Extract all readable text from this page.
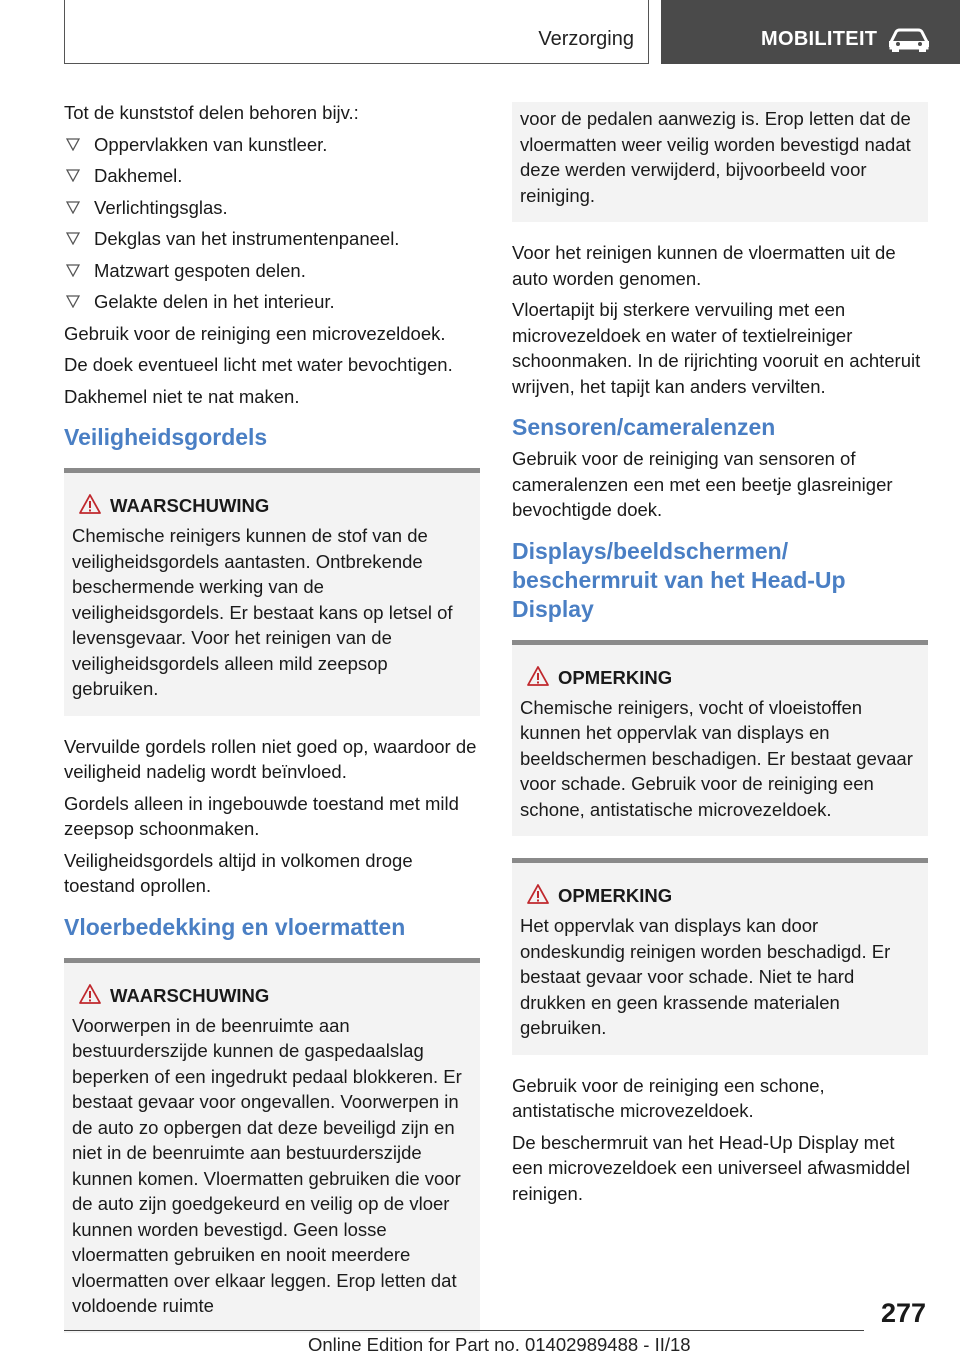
Verzorging	MOBILITEIT

Tot de kunststof delen behoren bijv.:

Oppervlakken van kunstleer.
Dakhemel.
Verlichtingsglas.
Dekglas van het instrumentenpaneel.
Matzwart gespoten delen.
Gelakte delen in het interieur.

Gebruik voor de reiniging een microvezeldoek.

De doek eventueel licht met water bevochtigen.

Dakhemel niet te nat maken.

Veiligheidsgordels
WAARSCHUWING
Chemische reinigers kunnen de stof van de veiligheidsgordels aantasten. Ontbrekende beschermende werking van de veiligheidsgordels. Er bestaat kans op letsel of levensgevaar. Voor het reinigen van de veiligheidsgordels alleen mild zeepsop gebruiken.

Vervuilde gordels rollen niet goed op, waardoor de veiligheid nadelig wordt beïnvloed.

Gordels alleen in ingebouwde toestand met mild zeepsop schoonmaken.

Veiligheidsgordels altijd in volkomen droge toestand oprollen.

Vloerbedekking en vloermatten
WAARSCHUWING
Voorwerpen in de beenruimte aan bestuurderszijde kunnen de gaspedaalslag beperken of een ingedrukt pedaal blokkeren. Er bestaat gevaar voor ongevallen. Voorwerpen in de auto zo opbergen dat deze beveiligd zijn en niet in de beenruimte aan bestuurderszijde kunnen komen. Vloermatten gebruiken die voor de auto zijn goedgekeurd en veilig op de vloer kunnen worden bevestigd. Geen losse vloermatten gebruiken en nooit meerdere vloermatten over elkaar leggen. Erop letten dat voldoende ruimte
voor de pedalen aanwezig is. Erop letten dat de vloermatten weer veilig worden bevestigd nadat deze werden verwijderd, bijvoorbeeld voor reiniging.

Voor het reinigen kunnen de vloermatten uit de auto worden genomen.

Vloertapijt bij sterkere vervuiling met een microvezeldoek en water of textielreiniger schoonmaken. In de rijrichting vooruit en achteruit wrijven, het tapijt kan anders vervilten.

Sensoren/cameralenzen

Gebruik voor de reiniging van sensoren of cameralenzen een met een beetje glasreiniger bevochtigde doek.

Displays/beeldschermen/ beschermruit van het Head-Up Display
OPMERKING
Chemische reinigers, vocht of vloeistoffen kunnen het oppervlak van displays en beeldschermen beschadigen. Er bestaat gevaar voor schade. Gebruik voor de reiniging een schone, antistatische microvezeldoek.
OPMERKING
Het oppervlak van displays kan door ondeskundig reinigen worden beschadigd. Er bestaat gevaar voor schade. Niet te hard drukken en geen krassende materialen gebruiken.

Gebruik voor de reiniging een schone, antistatische microvezeldoek.

De beschermruit van het Head-Up Display met een microvezeldoek een universeel afwasmiddel reinigen.

277
Online Edition for Part no. 01402989488 - II/18
